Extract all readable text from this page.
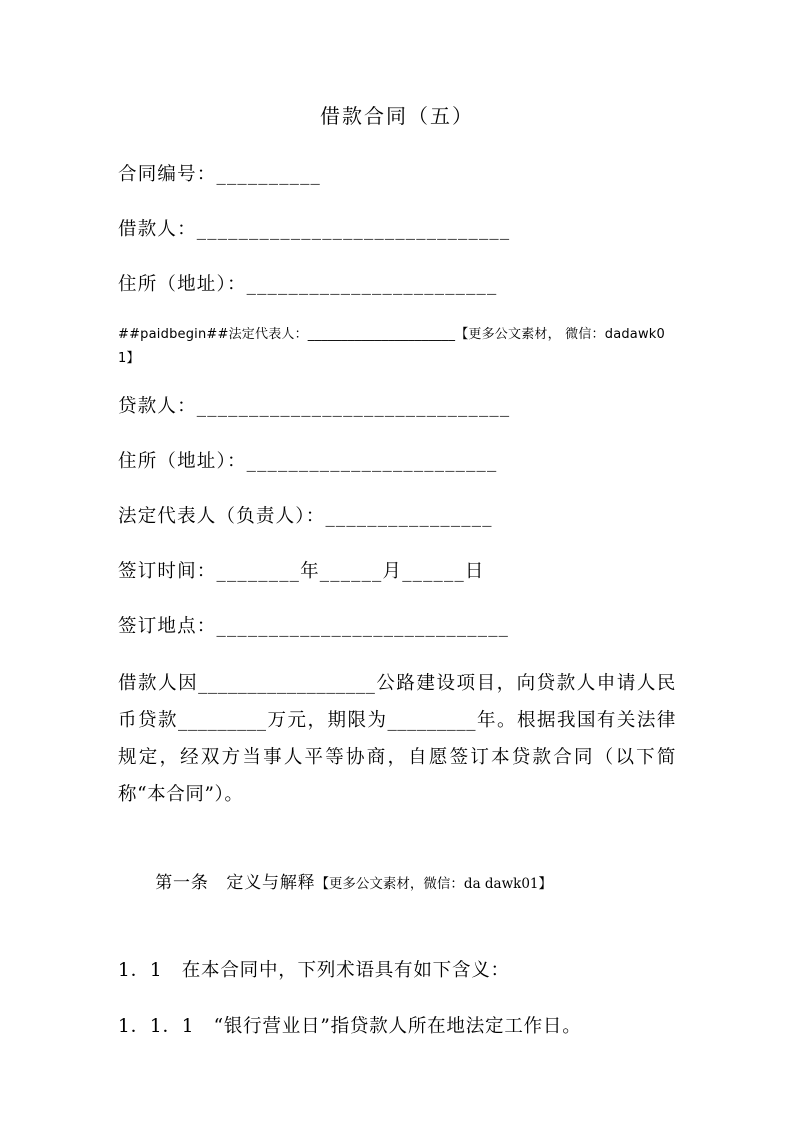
借款合同（五）
合同编号：__________
借款人：______________________________
住所（地址）：________________________
##paidbegin##法定代表人：______________________【更多公文素材， 微信：dadawk01】
贷款人：______________________________
住所（地址）：________________________
法定代表人（负责人）：________________
签订时间：________年______月______日
签订地点：____________________________
借款人因__________________公路建设项目，向贷款人申请人民币贷款_________万元，期限为_________年。根据我国有关法律规定，经双方当事人平等协商，自愿签订本贷款合同（以下简称“本合同”）。

第一条　定义与解释【更多公文素材，微信：da dawk01】

1．1　在本合同中，下列术语具有如下含义：
1．1．1　“银行营业日”指贷款人所在地法定工作日。
